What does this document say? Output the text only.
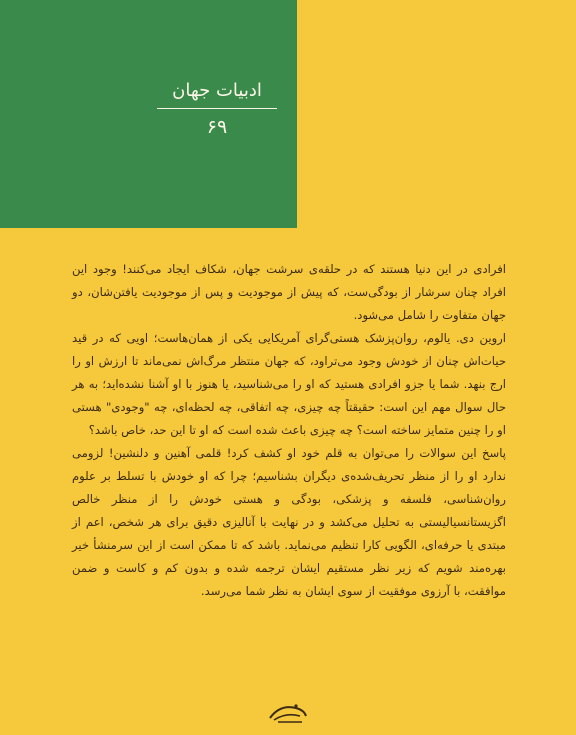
ادبیات جهان
۶۹

افرادی در این دنیا هستند که در حلقه‌ی سرشت جهان، شکاف ایجاد می‌کنند! وجود این افراد چنان سرشار از بودگی‌ست، که پیش از موجودیت و پس از موجودیت یافتن‌شان، دو جهان متفاوت را شامل می‌شود.

اروین دی. یالوم، روان‌پزشک هستی‌گرای آمریکایی یکی از همان‌هاست؛ اویی که در قید حیات‌اش چنان از خودش وجود می‌تراود، که جهان منتظر مرگ‌اش نمی‌ماند تا ارزش او را ارج بنهد. شما یا جزو افرادی هستید که او را می‌شناسید، یا هنوز با او آشنا نشده‌اید؛ به هر حال سوال مهم این است: حقیقتاً چه چیزی، چه اتفاقی، چه لحظه‌ای، چه "وجودی" هستی او را چنین متمایز ساخته است؟ چه چیزی باعث شده است که او تا این حد، خاص باشد؟

پاسخ این سوالات را می‌توان به قلم خود او کشف کرد! قلمی آهنین و دلنشین! لزومی ندارد او را از منظر تحریف‌شده‌ی دیگران بشناسیم؛ چرا که او خودش با تسلط بر علوم روان‌شناسی، فلسفه و پزشکی، بودگی و هستی خودش را از منظر خالص اگزیستانسیالیستی به تحلیل می‌کشد و در نهایت با آنالیزی دقیق برای هر شخص، اعم از مبتدی یا حرفه‌ای، الگویی کارا تنظیم می‌نماید. باشد که تا ممکن است از این سرمنشأ خیر بهره‌مند شویم که زیر نظر مستقیم ایشان ترجمه شده و بدون کم و کاست و ضمن موافقت، با آرزوی موفقیت از سوی ایشان به نظر شما می‌رسد.
